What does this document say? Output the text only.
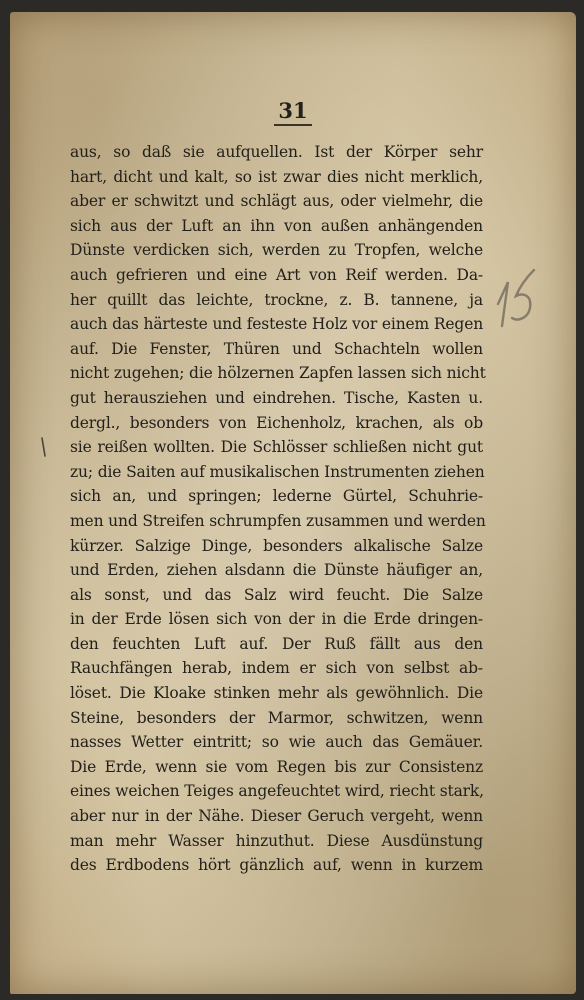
31
aus, so daß sie aufquellen. Ist der Körper sehr
hart, dicht und kalt, so ist zwar dies nicht merklich,
aber er schwitzt und schlägt aus, oder vielmehr, die
sich aus der Luft an ihn von außen anhängenden
Dünste verdicken sich, werden zu Tropfen, welche
auch gefrieren und eine Art von Reif werden. Da-
her quillt das leichte, trockne, z. B. tannene, ja
auch das härteste und festeste Holz vor einem Regen
auf. Die Fenster, Thüren und Schachteln wollen
nicht zugehen; die hölzernen Zapfen lassen sich nicht
gut herausziehen und eindrehen. Tische, Kasten u.
dergl., besonders von Eichenholz, krachen, als ob
sie reißen wollten. Die Schlösser schließen nicht gut
zu; die Saiten auf musikalischen Instrumenten ziehen
sich an, und springen; lederne Gürtel, Schuhrie-
men und Streifen schrumpfen zusammen und werden
kürzer. Salzige Dinge, besonders alkalische Salze
und Erden, ziehen alsdann die Dünste häufiger an,
als sonst, und das Salz wird feucht. Die Salze
in der Erde lösen sich von der in die Erde dringen-
den feuchten Luft auf. Der Ruß fällt aus den
Rauchfängen herab, indem er sich von selbst ab-
löset. Die Kloake stinken mehr als gewöhnlich. Die
Steine, besonders der Marmor, schwitzen, wenn
nasses Wetter eintritt; so wie auch das Gemäuer.
Die Erde, wenn sie vom Regen bis zur Consistenz
eines weichen Teiges angefeuchtet wird, riecht stark,
aber nur in der Nähe. Dieser Geruch vergeht, wenn
man mehr Wasser hinzuthut. Diese Ausdünstung
des Erdbodens hört gänzlich auf, wenn in kurzem
